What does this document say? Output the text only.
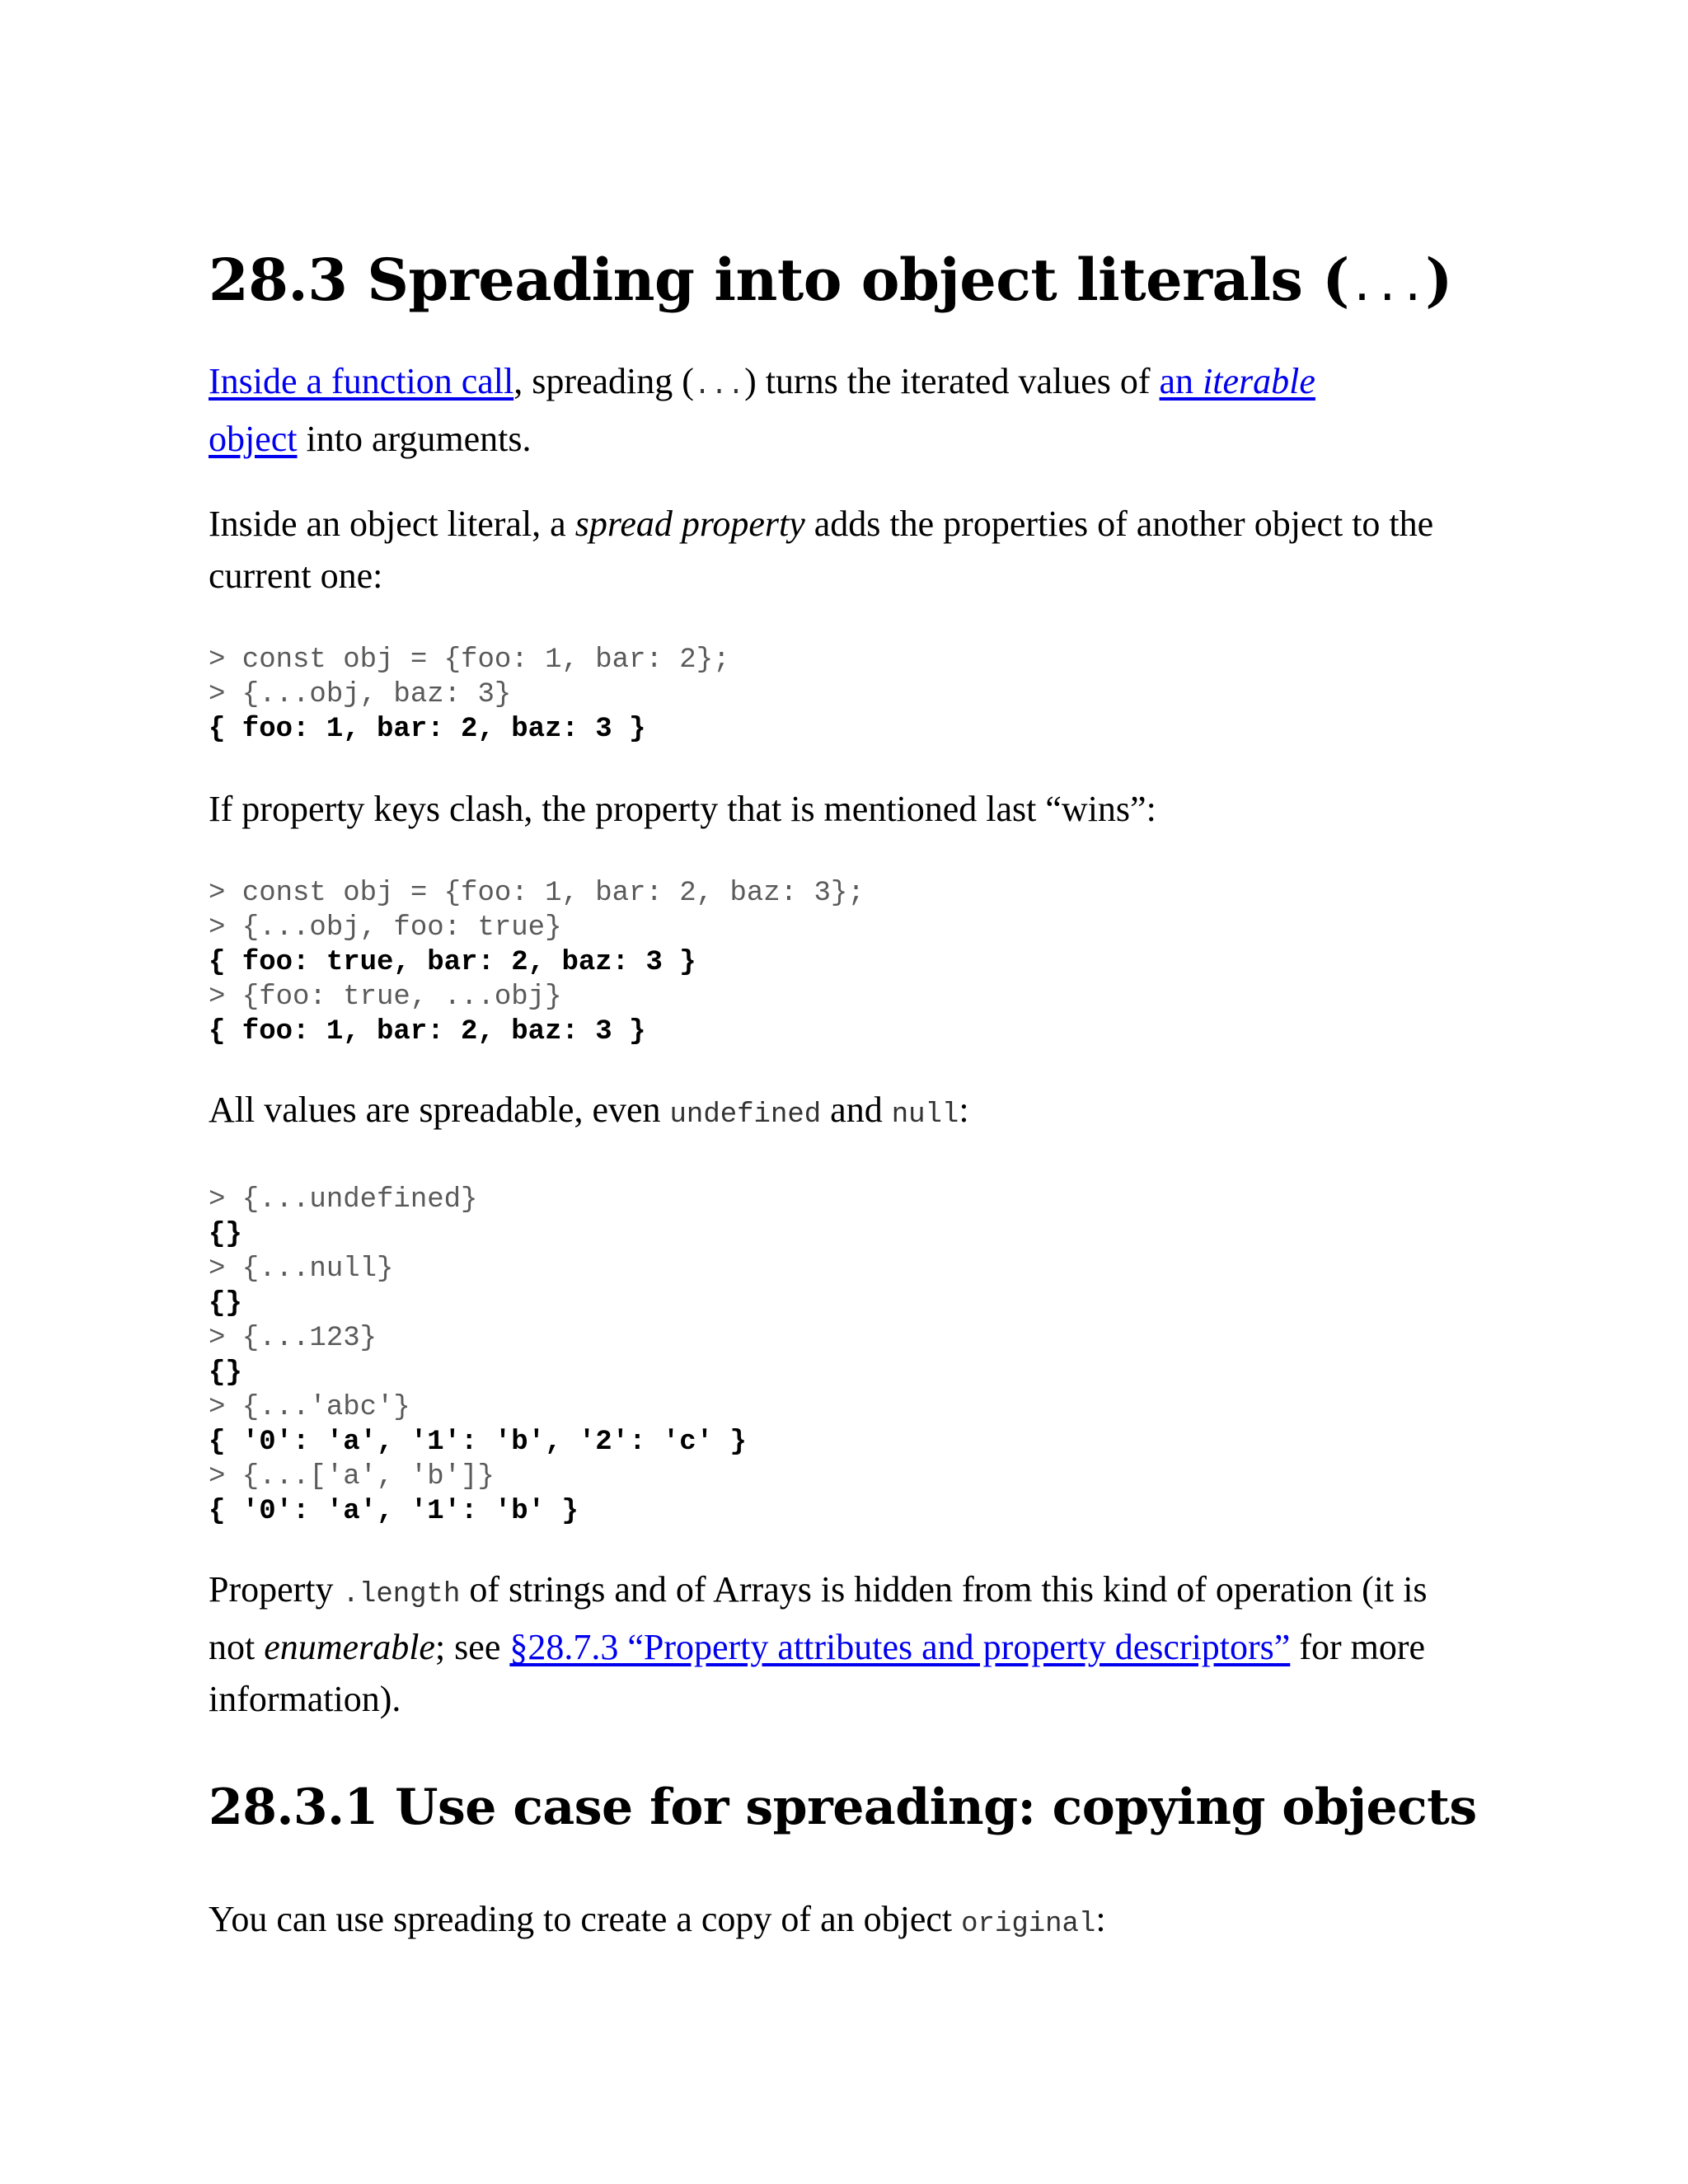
28.3 Spreading into object literals (...)

Inside a function call, spreading (...) turns the iterated values of an iterable
object into arguments.

Inside an object literal, a spread property adds the properties of another object to the current one:

> const obj = {foo: 1, bar: 2};
> {...obj, baz: 3}
{ foo: 1, bar: 2, baz: 3 }

If property keys clash, the property that is mentioned last “wins”:

> const obj = {foo: 1, bar: 2, baz: 3};
> {...obj, foo: true}
{ foo: true, bar: 2, baz: 3 }
> {foo: true, ...obj}
{ foo: 1, bar: 2, baz: 3 }

All values are spreadable, even undefined and null:

> {...undefined}
{}
> {...null}
{}
> {...123}
{}
> {...'abc'}
{ '0': 'a', '1': 'b', '2': 'c' }
> {...['a', 'b']}
{ '0': 'a', '1': 'b' }

Property .length of strings and of Arrays is hidden from this kind of operation (it is not enumerable; see §28.7.3 “Property attributes and property descriptors” for more information).

28.3.1 Use case for spreading: copying objects

You can use spreading to create a copy of an object original:
